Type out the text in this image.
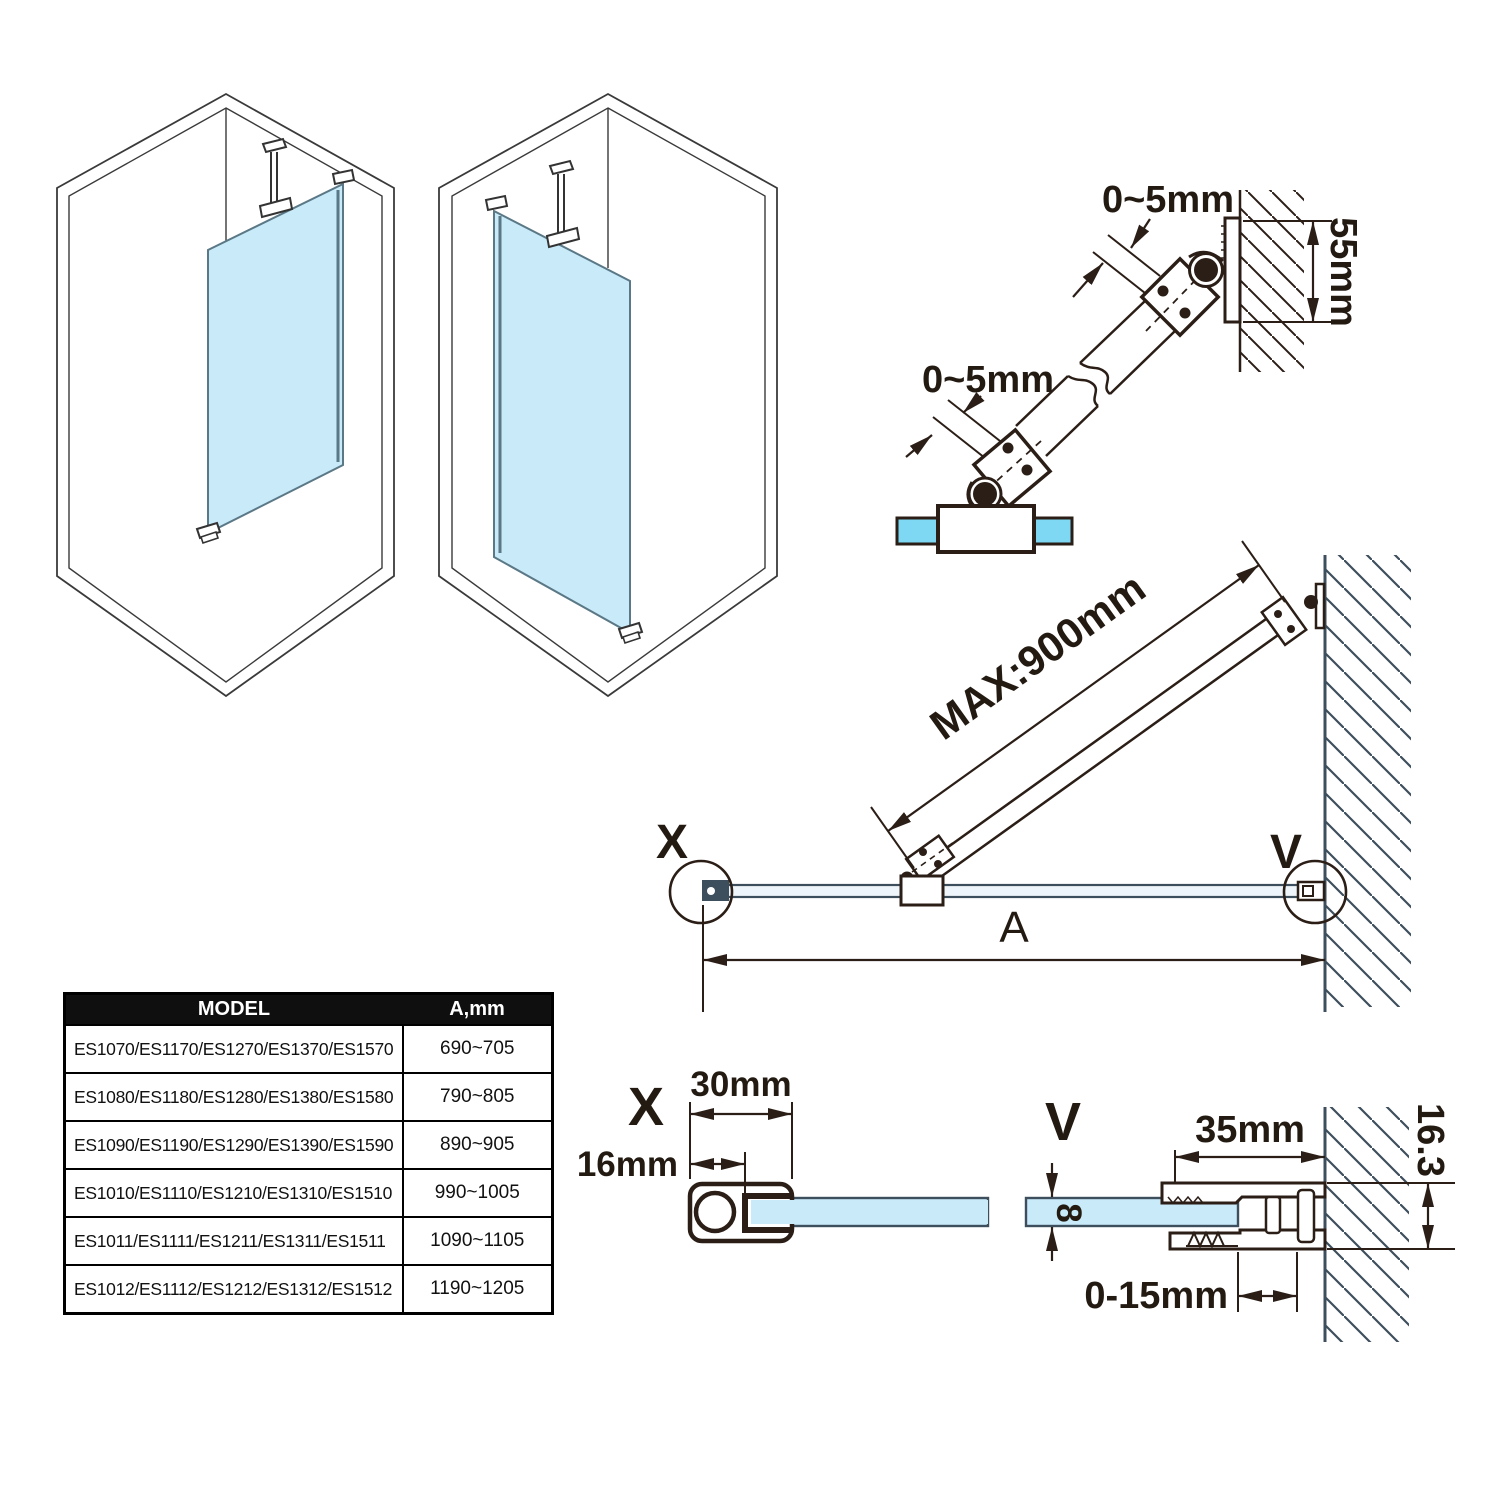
55mm
0~5mm
0~5mm
MAX:900mm
X	V
A
X 30mm
16mm
V	35mm	16.3
8
0-15mm
MODEL	A,mm
ES1070/ES1170/ES1270/ES1370/ES1570	690~705
ES1080/ES1180/ES1280/ES1380/ES1580	790~805
ES1090/ES1190/ES1290/ES1390/ES1590	890~905
ES1010/ES1110/ES1210/ES1310/ES1510	990~1005
ES1011/ES1111/ES1211/ES1311/ES1511	1090~1105
ES1012/ES1112/ES1212/ES1312/ES1512	1190~1205
